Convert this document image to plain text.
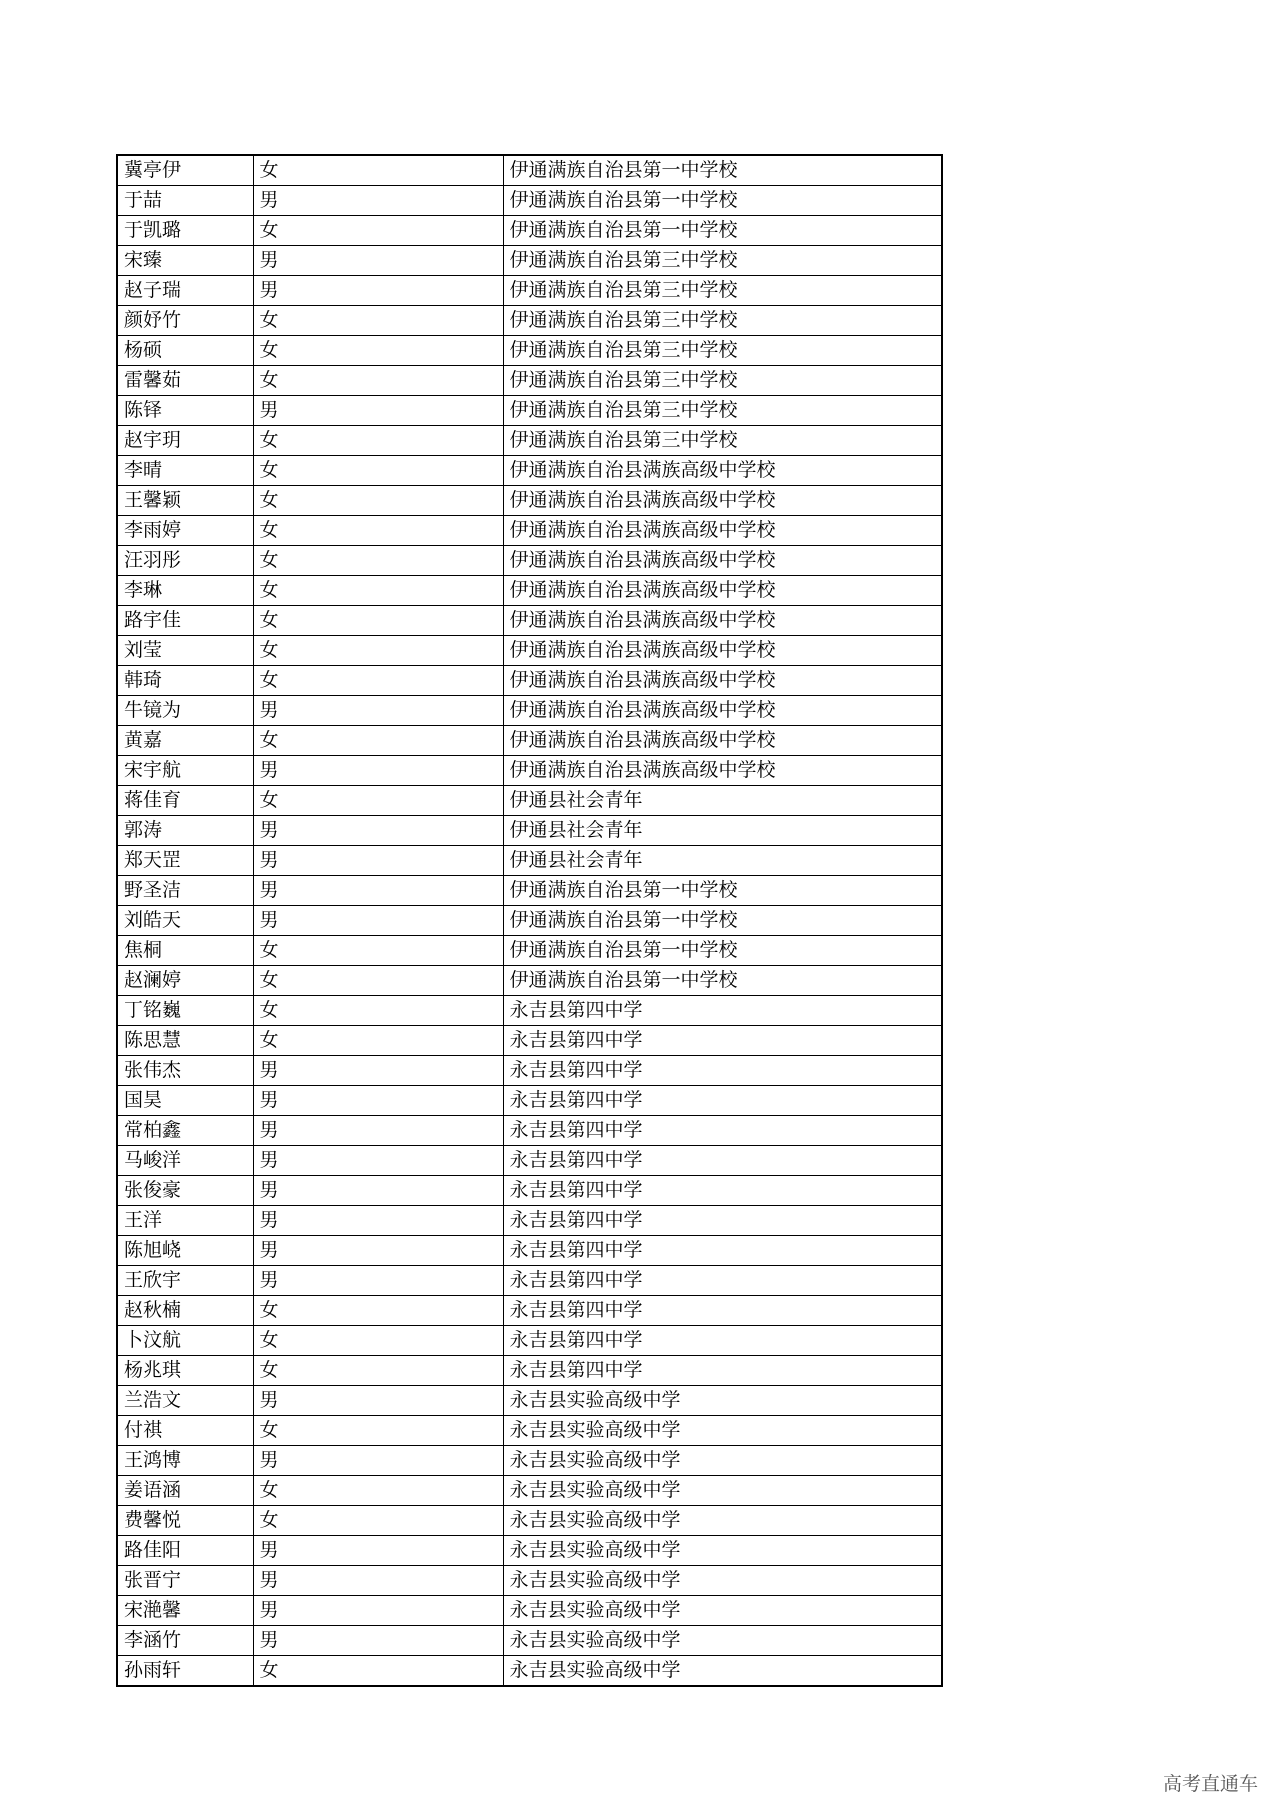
冀亭伊	女	伊通满族自治县第一中学校
于喆	男	伊通满族自治县第一中学校
于凯璐	女	伊通满族自治县第一中学校
宋臻	男	伊通满族自治县第三中学校
赵子瑞	男	伊通满族自治县第三中学校
颜妤竹	女	伊通满族自治县第三中学校
杨硕	女	伊通满族自治县第三中学校
雷馨茹	女	伊通满族自治县第三中学校
陈铎	男	伊通满族自治县第三中学校
赵宇玥	女	伊通满族自治县第三中学校
李晴	女	伊通满族自治县满族高级中学校
王馨颖	女	伊通满族自治县满族高级中学校
李雨婷	女	伊通满族自治县满族高级中学校
汪羽彤	女	伊通满族自治县满族高级中学校
李琳	女	伊通满族自治县满族高级中学校
路宇佳	女	伊通满族自治县满族高级中学校
刘莹	女	伊通满族自治县满族高级中学校
韩琦	女	伊通满族自治县满族高级中学校
牛镜为	男	伊通满族自治县满族高级中学校
黄嘉	女	伊通满族自治县满族高级中学校
宋宇航	男	伊通满族自治县满族高级中学校
蒋佳育	女	伊通县社会青年
郭涛	男	伊通县社会青年
郑天罡	男	伊通县社会青年
野圣洁	男	伊通满族自治县第一中学校
刘皓天	男	伊通满族自治县第一中学校
焦桐	女	伊通满族自治县第一中学校
赵澜婷	女	伊通满族自治县第一中学校
丁铭巍	女	永吉县第四中学
陈思慧	女	永吉县第四中学
张伟杰	男	永吉县第四中学
国昊	男	永吉县第四中学
常柏鑫	男	永吉县第四中学
马峻洋	男	永吉县第四中学
张俊豪	男	永吉县第四中学
王洋	男	永吉县第四中学
陈旭峣	男	永吉县第四中学
王欣宇	男	永吉县第四中学
赵秋楠	女	永吉县第四中学
卜汶航	女	永吉县第四中学
杨兆琪	女	永吉县第四中学
兰浩文	男	永吉县实验高级中学
付祺	女	永吉县实验高级中学
王鸿博	男	永吉县实验高级中学
姜语涵	女	永吉县实验高级中学
费馨悦	女	永吉县实验高级中学
路佳阳	男	永吉县实验高级中学
张晋宁	男	永吉县实验高级中学
宋滟馨	男	永吉县实验高级中学
李涵竹	男	永吉县实验高级中学
孙雨轩	女	永吉县实验高级中学
高考直通车
